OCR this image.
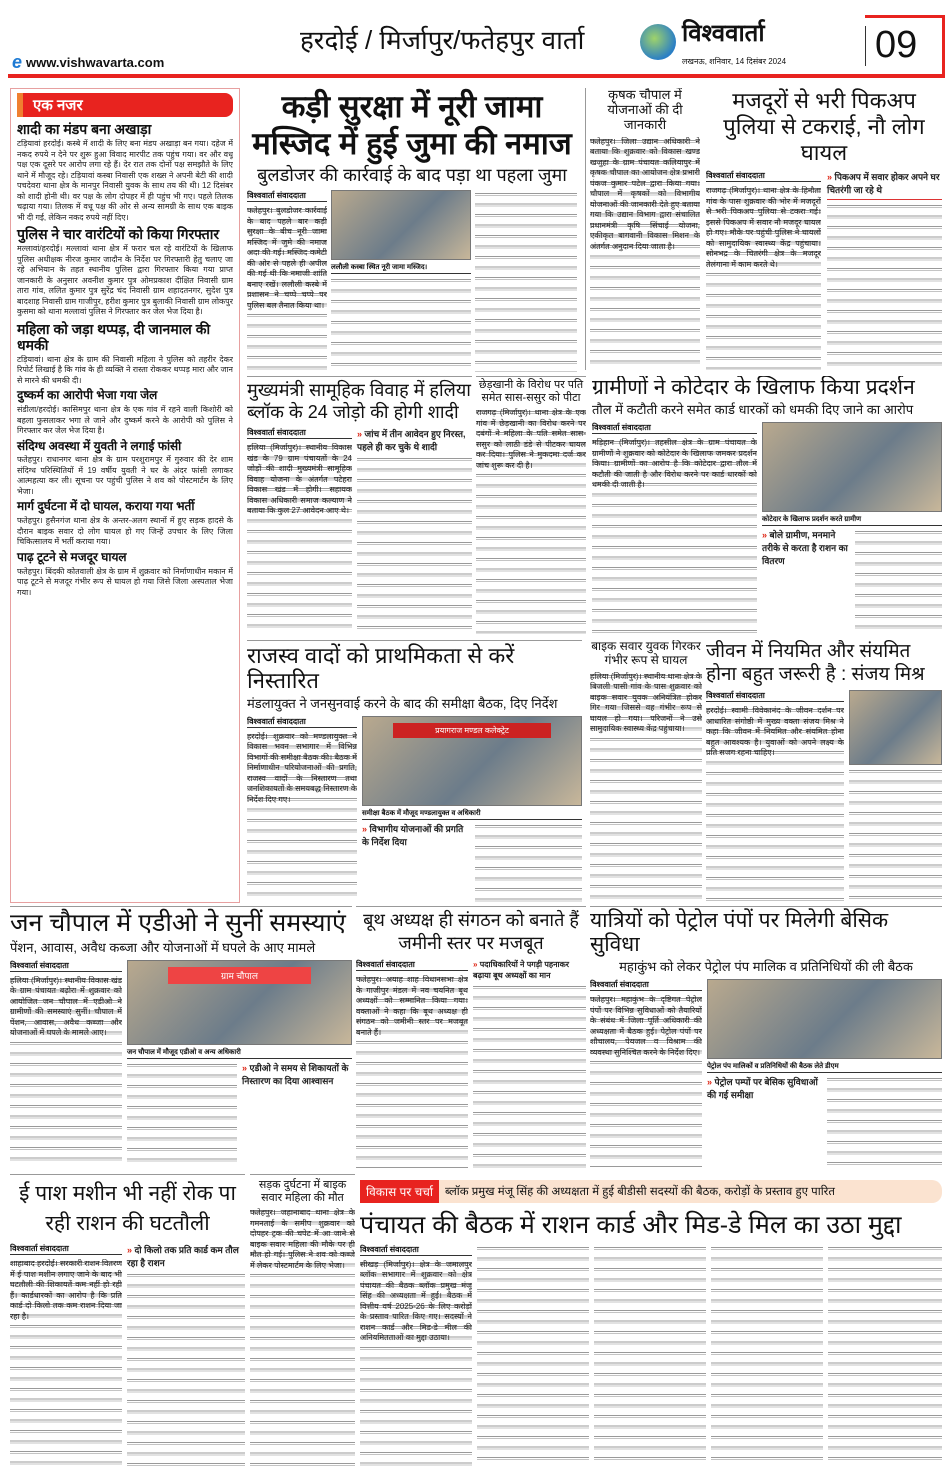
e www.vishwavarta.com
हरदोई / मिर्जापुर/फतेहपुर वार्ता	विश्ववार्ता
लखनऊ, शनिवार, 14 दिसंबर 2024 09
एक नजर
शादी का मंडप बना अखाड़ा
टड़ियावां हरदोई। कस्बे में शादी के लिए बना मंडप अखाड़ा बन गया। दहेज में नकद रुपये न देने पर शुरू हुआ विवाद मारपीट तक पहुंच गया। वर और वधू पक्ष एक दूसरे पर आरोप लगा रहे हैं। देर रात तक दोनों पक्ष समझौते के लिए थाने में मौजूद रहे। टड़ियावां कस्बा निवासी एक शख्स ने अपनी बेटी की शादी पचदेवरा थाना क्षेत्र के मानपुर निवासी युवक के साथ तय की थी। 12 दिसंबर को शादी होनी थी। वर पक्ष के लोग दोपहर में ही पहुंच भी गए। पहले तिलक चढ़ाया गया। तिलक में वधू पक्ष की ओर से अन्य सामग्री के साथ एक बाइक भी दी गई, लेकिन नकद रुपये नहीं दिए।
पुलिस ने चार वारंटियों को किया गिरफ्तार
मल्लावां/हरदोई। मल्लावां थाना क्षेत्र में फरार चल रहे वारंटियों के खिलाफ पुलिस अधीक्षक नीरज कुमार जादौन के निर्देश पर गिरफ्तारी हेतु चलाए जा रहे अभियान के तहत स्थानीय पुलिस द्वारा गिरफ्तार किया गया प्राप्त जानकारी के अनुसार अवनीश कुमार पुत्र ओमप्रकाश दीक्षित निवासी ग्राम तारा गांव, ललित कुमार पुत्र सुरेंद्र चंद निवासी ग्राम शहादतनगर, सुदेश पुत्र बादशाह निवासी ग्राम गाजीपुर, हरीश कुमार पुत्र बुलाकी निवासी ग्राम लोकपुर कुसमा को थाना मल्लावां पुलिस ने गिरफ्तार कर जेल भेज दिया है।
महिला को जड़ा थप्पड़, दी जानमाल की धमकी
टड़ियावां। थाना क्षेत्र के ग्राम की निवासी महिला ने पुलिस को तहरीर देकर रिपोर्ट लिखाई है कि गांव के ही व्यक्ति ने रास्ता रोककर थप्पड़ मारा और जान से मारने की धमकी दी।
दुष्कर्म का आरोपी भेजा गया जेल
संडीला/हरदोई। कासिमपुर थाना क्षेत्र के एक गांव में रहने वाली किशोरी को बहला फुसलाकर भगा ले जाने और दुष्कर्म करने के आरोपी को पुलिस ने गिरफ्तार कर जेल भेज दिया है।
संदिग्ध अवस्था में युवती ने लगाई फांसी
फतेहपुर। राधानगर थाना क्षेत्र के ग्राम परशुरामपुर में गुरुवार की देर शाम संदिग्ध परिस्थितियों में 19 वर्षीय युवती ने घर के अंदर फांसी लगाकर आत्महत्या कर ली। सूचना पर पहुंची पुलिस ने शव को पोस्टमार्टम के लिए भेजा।
मार्ग दुर्घटना में दो घायल, कराया गया भर्ती
फतेहपुर। हुसैनगंज थाना क्षेत्र के अन्तर-अलग स्थानों में हुए सड़क हादसे के दौरान बाइक सवार दो लोग घायल हो गए जिन्हें उपचार के लिए जिला चिकित्सालय में भर्ती कराया गया।
पाढ़ टूटने से मजदूर घायल
फतेहपुर। बिंदकी कोतवाली क्षेत्र के ग्राम में शुक्रवार को निर्माणाधीन मकान में पाढ़ टूटने से मजदूर गंभीर रूप से घायल हो गया जिसे जिला अस्पताल भेजा गया।
कड़ी सुरक्षा में नूरी जामा मस्जिद में हुई जुमा की नमाज
बुलडोजर की कार्रवाई के बाद पड़ा था पहला जुमा
विश्ववार्ता संवाददाता
फतेहपुर। बुलडोजर कार्रवाई के बाद पहले बार कड़ी सुरक्षा के बीच नूरी जामा मस्जिद में जुमे की नमाज अदा की गई। मस्जिद कमेटी की ओर से पहले ही अपील की गई थी कि नमाजी शांति बनाए रखें। ललौली कस्बे में प्रशासन ने चप्पे चप्पे पर पुलिस बल तैनात किया था।
ललौली कस्बा स्थित नूरी जामा मस्जिद।
कृषक चौपाल में योजनाओं की दी जानकारी
फतेहपुर। जिला उद्यान अधिकारी ने बताया कि शुक्रवार को विकास खण्ड खजुहा के ग्राम पंचायत कलियापुर में कृषक चौपाल का आयोजन क्षेत्र प्रभारी पंकज कुमार पटेल द्वारा किया गया। चौपाल में कृषकों को विभागीय योजनाओं की जानकारी देते हुए बताया गया कि उद्यान विभाग द्वारा संचालित प्रधानमंत्री कृषि सिंचाई योजना, एकीकृत बागवानी विकास मिशन के अंतर्गत अनुदान दिया जाता है।
मजदूरों से भरी पिकअप पुलिया से टकराई, नौ लोग घायल
विश्ववार्ता संवाददाता
राजगढ़ (मिर्जापुर)। थाना क्षेत्र के हिनौता गांव के पास शुक्रवार की भोर में मजदूरों से भरी पिकअप पुलिया से टकरा गई। इससे पिकअप में सवार नौ मजदूर घायल हो गए। मौके पर पहुंची पुलिस ने घायलों को सामुदायिक स्वास्थ्य केंद्र पहुंचाया। सोनभद्र के चितरंगी क्षेत्र के मजदूर तेलंगाना में काम करते थे।
» पिकअप में सवार होकर अपने घर चितरंगी जा रहे थे
मुख्यमंत्री सामूहिक विवाह में हलिया ब्लॉक के 24 जोड़ो की होगी शादी
विश्ववार्ता संवाददाता
हलिया (मिर्जापुर)। स्थानीय विकास खंड के 79 ग्राम पंचायतों के 24 जोड़ों की शादी मुख्यमंत्री सामूहिक विवाह योजना के अंतर्गत पटेहरा विकास खंड में होगी। सहायक विकास अधिकारी समाज कल्याण ने बताया कि कुल 27 आवेदन आए थे।
» जांच में तीन आवेदन हुए निरस्त, पहले ही कर चुके थे शादी
छेड़खानी के विरोध पर पति समेत सास-ससुर को पीटा
राजगढ़ (मिर्जापुर)। थाना क्षेत्र के एक गांव में छेड़खानी का विरोध करने पर दबंगों ने महिला के पति समेत सास-ससुर को लाठी डंडे से पीटकर घायल कर दिया। पुलिस ने मुकदमा दर्ज कर जांच शुरू कर दी है।
ग्रामीणों ने कोटेदार के खिलाफ किया प्रदर्शन
तौल में कटौती करने समेत कार्ड धारकों को धमकी दिए जाने का आरोप
विश्ववार्ता संवाददाता
मड़िहान (मिर्जापुर)। तहसील क्षेत्र के ग्राम पंचायत के ग्रामीणों ने शुक्रवार को कोटेदार के खिलाफ जमकर प्रदर्शन किया। ग्रामीणों का आरोप है कि कोटेदार द्वारा तौल में कटौती की जाती है और विरोध करने पर कार्ड धारकों को धमकी दी जाती है।
कोटेदार के खिलाफ प्रदर्शन करते ग्रामीण
» बोले ग्रामीण, मनमाने तरीके से करता है राशन का वितरण
राजस्व वादों को प्राथमिकता से करें निस्तारित
मंडलायुक्त ने जनसुनवाई करने के बाद की समीक्षा बैठक, दिए निर्देश
विश्ववार्ता संवाददाता
हरदोई। शुक्रवार को मण्डलायुक्त ने विकास भवन सभागार में विभिन्न विभागों की समीक्षा बैठक की। बैठक में निर्माणाधीन परियोजनाओं की प्रगति, राजस्व वादों के निस्तारण तथा जनशिकायतों के समयबद्ध निस्तारण के निर्देश दिए गए।
प्रयागराज मण्डल कलेक्ट्रेट
समीक्षा बैठक में मौजूद मण्डलायुक्त व अधिकारी
» विभागीय योजनाओं की प्रगति के निर्देश दिया
बाइक सवार युवक गिरकर गंभीर रूप से घायल
हलिया (मिर्जापुर)। स्थानीय थाना क्षेत्र के बिजली पासी गांव के पास शुक्रवार को बाइक सवार युवक अनियंत्रित होकर गिर गया जिससे वह गंभीर रूप से घायल हो गया। परिजनों ने उसे सामुदायिक स्वास्थ्य केंद्र पहुंचाया।
जीवन में नियमित और संयमित होना बहुत जरूरी है : संजय मिश्र
विश्ववार्ता संवाददाता
हरदोई। स्वामी विवेकानंद के जीवन दर्शन पर आधारित संगोष्ठी में मुख्य वक्ता संजय मिश्र ने कहा कि जीवन में नियमित और संयमित होना बहुत आवश्यक है। युवाओं को अपने लक्ष्य के प्रति सजग रहना चाहिए।
जन चौपाल में एडीओ ने सुनीं समस्याएं
पेंशन, आवास, अवैध कब्जा और योजनाओं में घपले के आए मामले
विश्ववार्ता संवाददाता
हलिया (मिर्जापुर)। स्थानीय विकास खंड के ग्राम पंचायत बढ़ोरा में शुक्रवार को आयोजित जन चौपाल में एडीओ ने ग्रामीणों की समस्याएं सुनीं। चौपाल में पेंशन, आवास, अवैध कब्जा और योजनाओं में घपले के मामले आए।
ग्राम चौपाल
जन चौपाल में मौजूद एडीओ व अन्य अधिकारी
» एडीओ ने समय से शिकायतों के निस्तारण का दिया आश्वासन
बूथ अध्यक्ष ही संगठन को बनाते हैं जमीनी स्तर पर मजबूत
विश्ववार्ता संवाददाता
फतेहपुर। अयाह शाह विधानसभा क्षेत्र के गाजीपुर मंडल में नव चयनित बूथ अध्यक्षों को सम्मानित किया गया। वक्ताओं ने कहा कि बूथ अध्यक्ष ही संगठन को जमीनी स्तर पर मजबूत बनाते हैं।
» पदाधिकारियों ने पगड़ी पहनाकर बढ़ाया बूथ अध्यक्षों का मान
यात्रियों को पेट्रोल पंपों पर मिलेगी बेसिक सुविधा
महाकुंभ को लेकर पेट्रोल पंप मालिक व प्रतिनिधियों की ली बैठक
विश्ववार्ता संवाददाता
फतेहपुर। महाकुंभ के दृष्टिगत पेट्रोल पंपों पर विभिन्न सुविधाओं को तैयारियों के संबंध में जिला पूर्ति अधिकारी की अध्यक्षता में बैठक हुई। पेट्रोल पंपों पर शौचालय, पेयजल व विश्राम की व्यवस्था सुनिश्चित करने के निर्देश दिए।
पेट्रोल पंप मालिकों व प्रतिनिधियों की बैठक लेते डीएम
» पेट्रोल पम्पों पर बेसिक सुविधाओं की गई समीक्षा
ई पाश मशीन भी नहीं रोक पा रही राशन की घटतौली
विश्ववार्ता संवाददाता
शाहाबाद हरदोई। सरकारी राशन वितरण में ई पाश मशीन लगाए जाने के बाद भी घटतौली की शिकायतें कम नहीं हो रही हैं। कार्डधारकों का आरोप है कि प्रति कार्ड दो किलो तक कम राशन दिया जा रहा है।
» दो किलो तक प्रति कार्ड कम तौल रहा है राशन
सड़क दुर्घटना में बाइक सवार महिला की मौत
फतेहपुर। जहानाबाद थाना क्षेत्र के गमनताई के समीप शुक्रवार को दोपहर ट्रक की चपेट में आ जाने से बाइक सवार महिला की मौके पर ही मौत हो गई। पुलिस ने शव को कब्जे में लेकर पोस्टमार्टम के लिए भेजा।
विकास पर चर्चा	ब्लॉक प्रमुख मंजू सिंह की अध्यक्षता में हुई बीडीसी सदस्यों की बैठक, करोड़ों के प्रस्ताव हुए पारित
पंचायत की बैठक में राशन कार्ड और मिड-डे मिल का उठा मुद्दा
विश्ववार्ता संवाददाता
सीखड़ (मिर्जापुर)। क्षेत्र के जमालपुर ब्लॉक सभागार में शुक्रवार को क्षेत्र पंचायत की बैठक ब्लॉक प्रमुख मंजू सिंह की अध्यक्षता में हुई। बैठक में वित्तीय वर्ष 2025-26 के लिए करोड़ों के प्रस्ताव पारित किए गए। सदस्यों ने राशन कार्ड और मिड-डे मील की अनियमितताओं का मुद्दा उठाया।
